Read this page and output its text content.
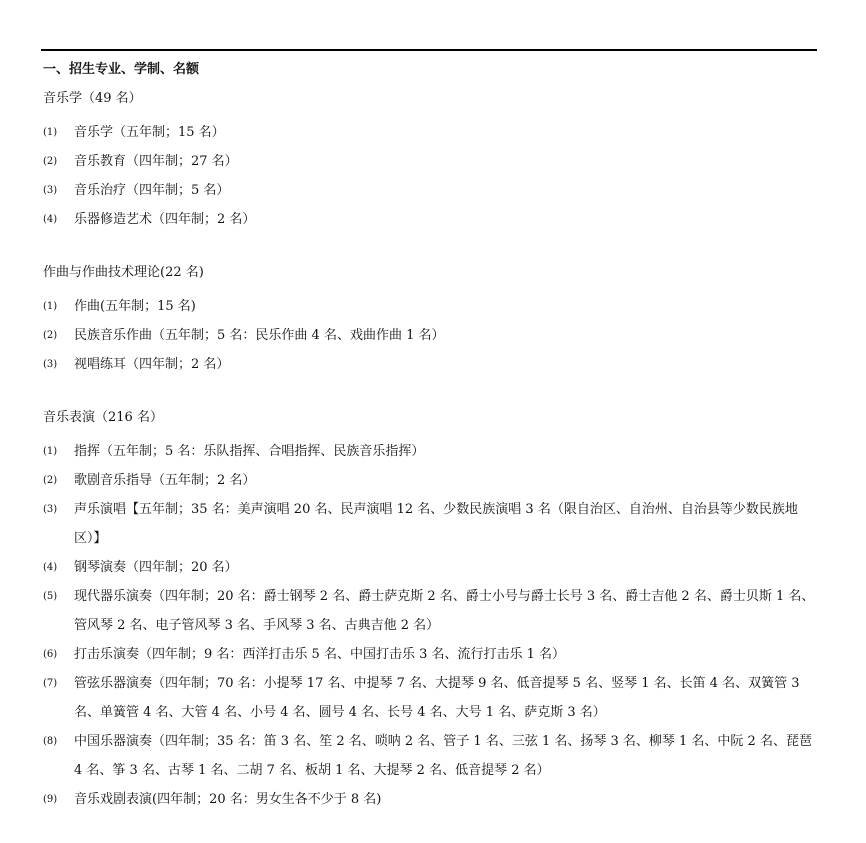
一、招生专业、学制、名额
音乐学（49 名）
(1)	音乐学（五年制；15 名）
(2)	音乐教育（四年制；27 名）
(3)	音乐治疗（四年制；5 名）
(4)	乐器修造艺术（四年制；2 名）
作曲与作曲技术理论(22 名)
(1)	作曲(五年制；15 名)
(2)	民族音乐作曲（五年制；5 名：民乐作曲 4 名、戏曲作曲 1 名）
(3)	视唱练耳（四年制；2 名）
音乐表演（216 名）
(1)	指挥（五年制；5 名：乐队指挥、合唱指挥、民族音乐指挥）
(2)	歌剧音乐指导（五年制；2 名）
(3)	声乐演唱【五年制；35 名：美声演唱 20 名、民声演唱 12 名、少数民族演唱 3 名（限自治区、自治州、自治县等少数民族地区）】
(4)	钢琴演奏（四年制；20 名）
(5)	现代器乐演奏（四年制；20 名：爵士钢琴 2 名、爵士萨克斯 2 名、爵士小号与爵士长号 3 名、爵士吉他 2 名、爵士贝斯 1 名、管风琴 2 名、电子管风琴 3 名、手风琴 3 名、古典吉他 2 名）
(6)	打击乐演奏（四年制；9 名：西洋打击乐 5 名、中国打击乐 3 名、流行打击乐 1 名）
(7)	管弦乐器演奏（四年制；70 名：小提琴 17 名、中提琴 7 名、大提琴 9 名、低音提琴 5 名、竖琴 1 名、长笛 4 名、双簧管 3 名、单簧管 4 名、大管 4 名、小号 4 名、圆号 4 名、长号 4 名、大号 1 名、萨克斯 3 名）
(8)	中国乐器演奏（四年制；35 名：笛 3 名、笙 2 名、唢呐 2 名、管子 1 名、三弦 1 名、扬琴 3 名、柳琴 1 名、中阮 2 名、琵琶 4 名、筝 3 名、古琴 1 名、二胡 7 名、板胡 1 名、大提琴 2 名、低音提琴 2 名）
(9)	音乐戏剧表演(四年制；20 名：男女生各不少于 8 名)
